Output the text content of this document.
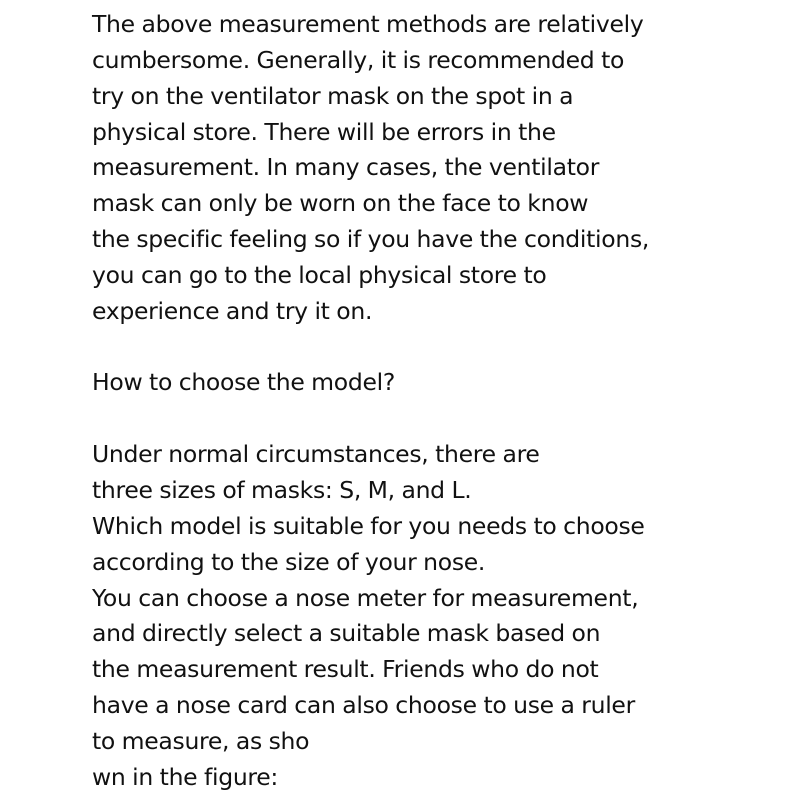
The above measurement methods are relatively
cumbersome. Generally, it is recommended to
try on the ventilator mask on the spot in a
physical store. There will be errors in the
measurement. In many cases, the ventilator
mask can only be worn on the face to know
the specific feeling so if you have the conditions,
you can go to the local physical store to
experience and try it on.
How to choose the model?
Under normal circumstances, there are
three sizes of masks: S, M, and L.
Which model is suitable for you needs to choose
according to the size of your nose.
You can choose a nose meter for measurement,
and directly select a suitable mask based on
the measurement result. Friends who do not
have a nose card can also choose to use a ruler
to measure, as sho
wn in the figure:
